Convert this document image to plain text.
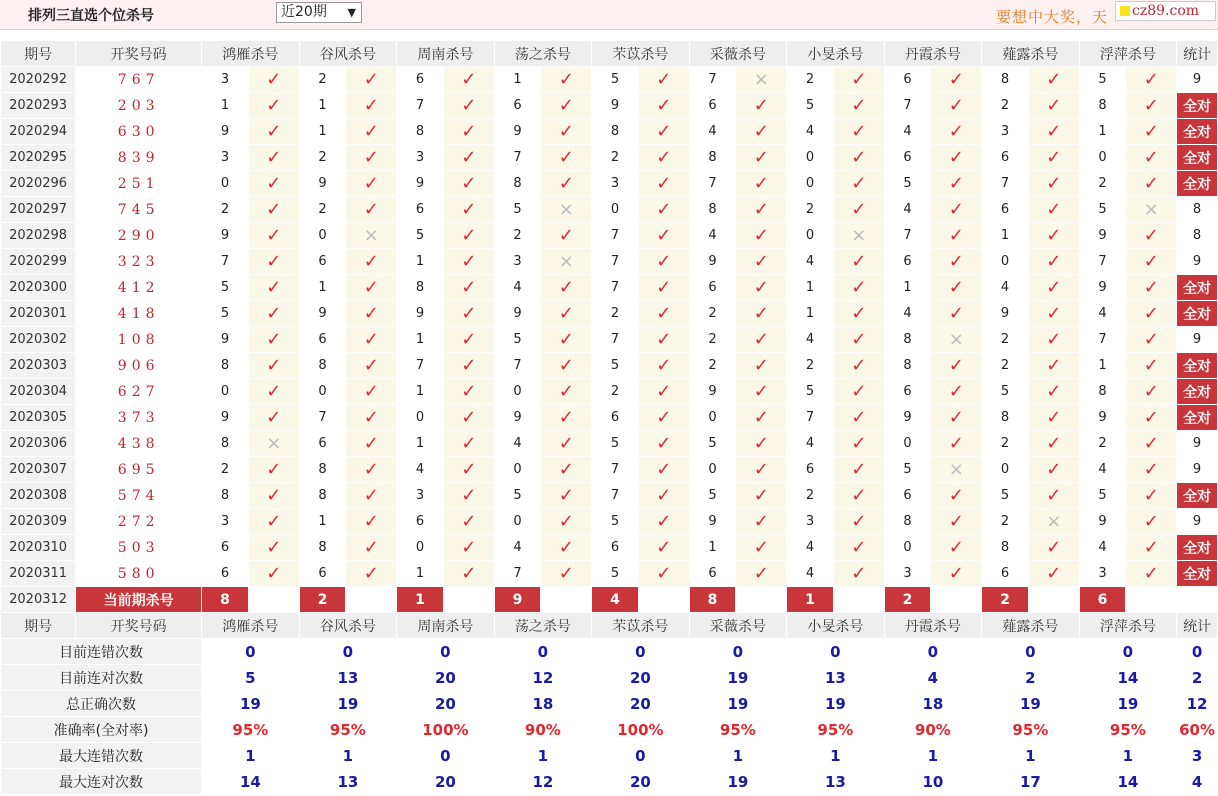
排列三直选个位杀号	近20期 ▼	要想中大奖，天	cz89.com
期号	开奖号码	鸿雁杀号		谷风杀号		周南杀号		荡之杀号		芣苡杀号		采薇杀号		小旻杀号		丹霞杀号		薤露杀号		浮萍杀号		统计
2020292	767	3	✓	2	✓	6	✓	1	✓	5	✓	7	×	2	✓	6	✓	8	✓	5	✓	9
2020293	203	1	✓	1	✓	7	✓	6	✓	9	✓	6	✓	5	✓	7	✓	2	✓	8	✓	全对
2020294	630	9	✓	1	✓	8	✓	9	✓	8	✓	4	✓	4	✓	4	✓	3	✓	1	✓	全对
2020295	839	3	✓	2	✓	3	✓	7	✓	2	✓	8	✓	0	✓	6	✓	6	✓	0	✓	全对
2020296	251	0	✓	9	✓	9	✓	8	✓	3	✓	7	✓	0	✓	5	✓	7	✓	2	✓	全对
2020297	745	2	✓	2	✓	6	✓	5	×	0	✓	8	✓	2	✓	4	✓	6	✓	5	×	8
2020298	290	9	✓	0	×	5	✓	2	✓	7	✓	4	✓	0	×	7	✓	1	✓	9	✓	8
2020299	323	7	✓	6	✓	1	✓	3	×	7	✓	9	✓	4	✓	6	✓	0	✓	7	✓	9
2020300	412	5	✓	1	✓	8	✓	4	✓	7	✓	6	✓	1	✓	1	✓	4	✓	9	✓	全对
2020301	418	5	✓	9	✓	9	✓	9	✓	2	✓	2	✓	1	✓	4	✓	9	✓	4	✓	全对
2020302	108	9	✓	6	✓	1	✓	5	✓	7	✓	2	✓	4	✓	8	×	2	✓	7	✓	9
2020303	906	8	✓	8	✓	7	✓	7	✓	5	✓	2	✓	2	✓	8	✓	2	✓	1	✓	全对
2020304	627	0	✓	0	✓	1	✓	0	✓	2	✓	9	✓	5	✓	6	✓	5	✓	8	✓	全对
2020305	373	9	✓	7	✓	0	✓	9	✓	6	✓	0	✓	7	✓	9	✓	8	✓	9	✓	全对
2020306	438	8	×	6	✓	1	✓	4	✓	5	✓	5	✓	4	✓	0	✓	2	✓	2	✓	9
2020307	695	2	✓	8	✓	4	✓	0	✓	7	✓	0	✓	6	✓	5	×	0	✓	4	✓	9
2020308	574	8	✓	8	✓	3	✓	5	✓	7	✓	5	✓	2	✓	6	✓	5	✓	5	✓	全对
2020309	272	3	✓	1	✓	6	✓	0	✓	5	✓	9	✓	3	✓	8	✓	2	×	9	✓	9
2020310	503	6	✓	8	✓	0	✓	4	✓	6	✓	1	✓	4	✓	0	✓	8	✓	4	✓	全对
2020311	580	6	✓	6	✓	1	✓	7	✓	5	✓	6	✓	4	✓	3	✓	6	✓	3	✓	全对
2020312	当前期杀号	8		2		1		9		4		8		1		2		2		6		
期号	开奖号码	鸿雁杀号		谷风杀号		周南杀号		荡之杀号		芣苡杀号		采薇杀号		小旻杀号		丹霞杀号		薤露杀号		浮萍杀号		统计
目前连错次数		0		0		0		0		0		0		0		0		0		0		0
目前连对次数		5		13		20		12		20		19		13		4		2		14		2
总正确次数		19		19		20		18		20		19		19		18		19		19		12
准确率(全对率)		95%		95%		100%		90%		100%		95%		95%		90%		95%		95%		60%
最大连错次数		1		1		0		1		0		1		1		1		1		1		3
最大连对次数		14		13		20		12		20		19		13		10		17		14		4
